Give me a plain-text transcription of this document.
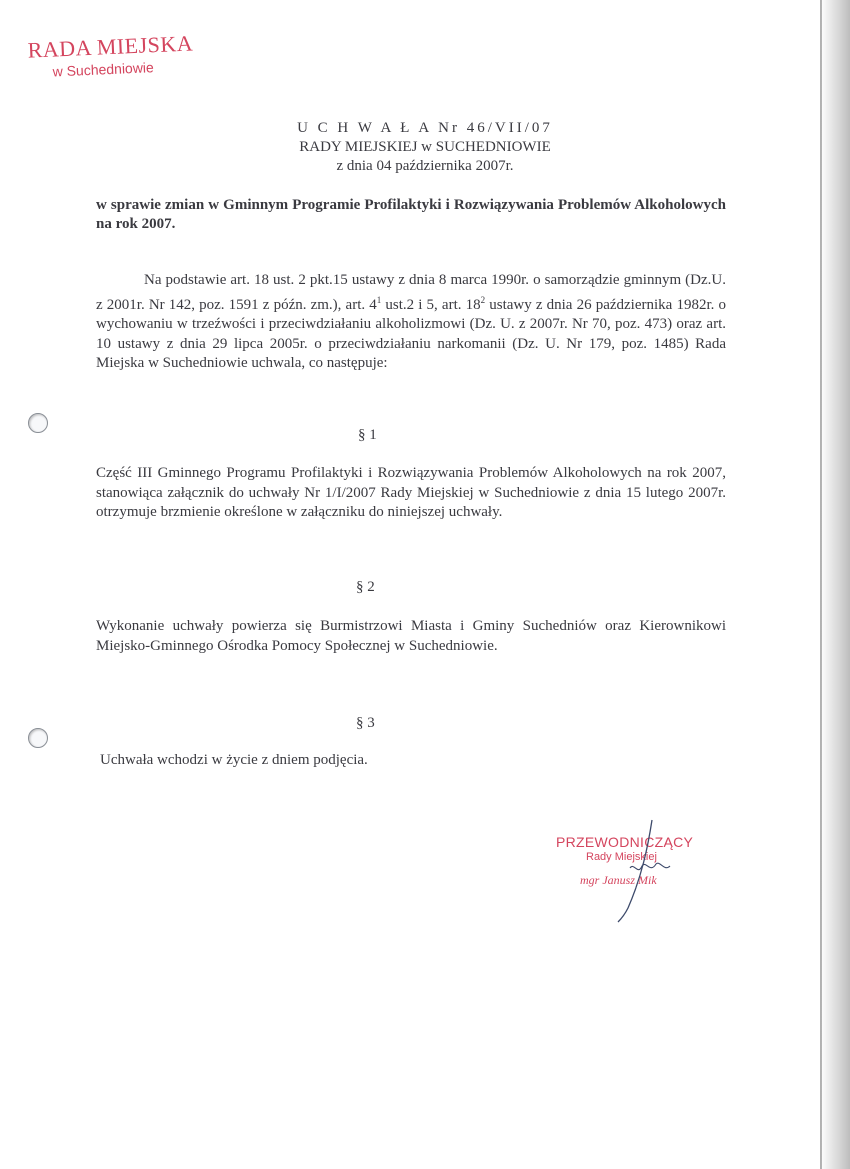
RADA MIEJSKA
w Suchedniowie
U C H W A Ł A Nr 46/VII/07
RADY MIEJSKIEJ w SUCHEDNIOWIE
z dnia 04 października 2007r.
w sprawie zmian w Gminnym Programie Profilaktyki i Rozwiązywania Problemów Alkoholowych na rok 2007.
Na podstawie art. 18 ust. 2 pkt.15 ustawy z dnia 8 marca 1990r. o samorządzie gminnym (Dz.U. z 2001r. Nr 142, poz. 1591 z późn. zm.), art. $4^1$ ust.2 i 5, art. $18^2$ ustawy z dnia 26 października 1982r. o wychowaniu w trzeźwości i przeciwdziałaniu alkoholizmowi (Dz. U. z 2007r. Nr 70, poz. 473) oraz art. 10 ustawy z dnia 29 lipca 2005r. o przeciwdziałaniu narkomanii (Dz. U. Nr 179, poz. 1485) Rada Miejska w Suchedniowie uchwala, co następuje:
§ 1
Część III Gminnego Programu Profilaktyki i Rozwiązywania Problemów Alkoholowych na rok 2007, stanowiąca załącznik do uchwały Nr 1/I/2007 Rady Miejskiej w Suchedniowie z dnia 15 lutego 2007r. otrzymuje brzmienie określone w załączniku do niniejszej uchwały.
§ 2
Wykonanie uchwały powierza się Burmistrzowi Miasta i Gminy Suchedniów oraz Kierownikowi Miejsko-Gminnego Ośrodka Pomocy Społecznej w Suchedniowie.
§ 3
Uchwała wchodzi w życie z dniem podjęcia.
PRZEWODNICZĄCY
Rady Miejskiej
mgr Janusz Mik
